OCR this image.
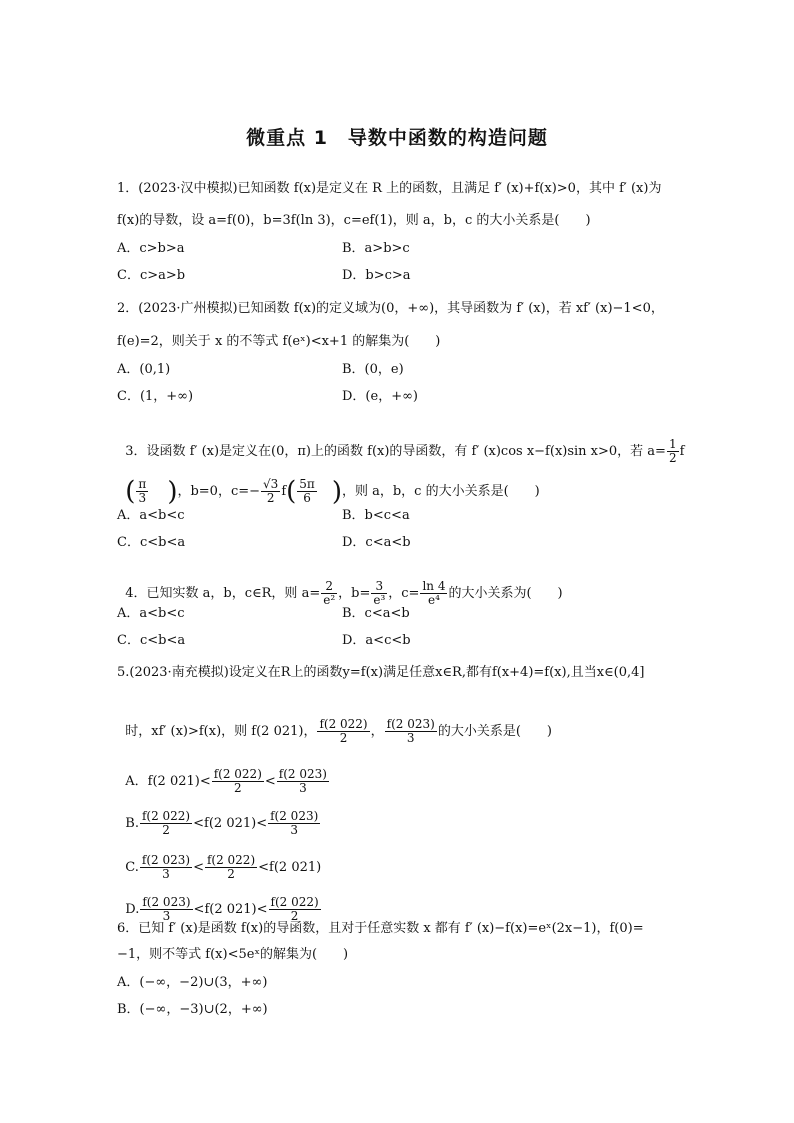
微重点 1　导数中函数的构造问题
1．(2023·汉中模拟)已知函数 f(x)是定义在 R 上的函数，且满足 f′ (x)+f(x)>0，其中 f′ (x)为
f(x)的导数，设 a=f(0)，b=3f(ln 3)，c=ef(1)，则 a，b，c 的大小关系是(　　)
A．c>b>a	B．a>b>c
C．c>a>b	D．b>c>a
2．(2023·广州模拟)已知函数 f(x)的定义域为(0，+∞)，其导函数为 f′ (x)，若 xf′ (x)−1<0，
f(e)=2，则关于 x 的不等式 f(eˣ)<x+1 的解集为(　　)
A．(0,1)	B．(0，e)
C．(1，+∞)	D．(e，+∞)

3．设函数 f′ (x)是定义在(0，π)上的函数 f(x)的导函数，有 f′ (x)cos x−f(x)sin x>0，若 $a= \frac{1}{2}$ f

( $\frac{\pi}{3}$ )，b=0，$c=- \frac{√3}{2} f( \frac{5\pi}{6}$ )，则 a，b，c 的大小关系是(　　)

A．a<b<c	B．b<c<a
C．c<b<a	D．c<a<b

4．已知实数 a，b，c∈R，则 $a= \frac{2}{\text{e²}}$ ，$b= \frac{3}{\text{e³}}$ ，$c= \frac{\ln 4}{\text{e⁴}}$ 的大小关系为(　　)

A．a<b<c	B．c<a<b
C．c<b<a	D．a<c<b
5.(2023·南充模拟)设定义在R上的函数y=f(x)满足任意x∈R,都有f(x+4)=f(x),且当x∈(0,4]

时，xf′ (x)>f(x)，则 f(2 021)， $\frac{f(2 022)}{2}$ ， $\frac{f(2 023)}{3}$ 的大小关系是(　　)

A．f(2 $021)< \frac{f(2 022)}{2} < \frac{f(2 023)}{3}$

B. $\frac{f(2 022)}{2} <f(2$ $021)< \frac{f(2 023)}{3}$

C. $\frac{f(2 023)}{3} < \frac{f(2 022)}{2} <f(2$ 021)

D. $\frac{f(2 023)}{3} <f(2$ $021)< \frac{f(2 022)}{2}$

6．已知 f′ (x)是函数 f(x)的导函数，且对于任意实数 x 都有 f′ (x)−f(x)=eˣ(2x−1)，f(0)=
−1，则不等式 f(x)<5eˣ的解集为(　　)
A．(−∞，−2)∪(3，+∞)
B．(−∞，−3)∪(2，+∞)
